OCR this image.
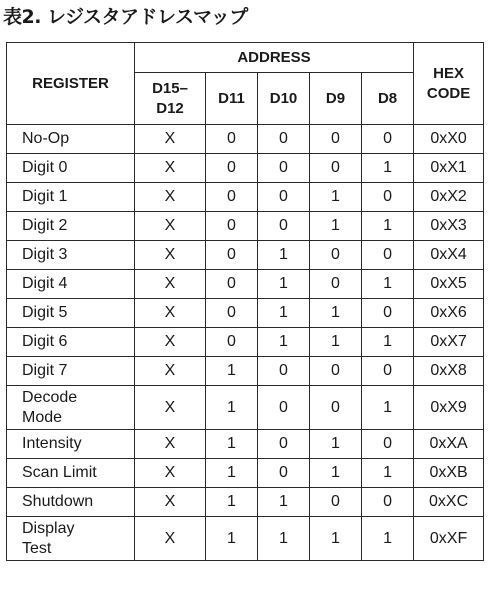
表2. レジスタアドレスマップ
REGISTER	ADDRESS					HEX
CODE
	D15–
D12	D11	D10	D9	D8	
No-Op	X	0	0	0	0	0xX0
Digit 0	X	0	0	0	1	0xX1
Digit 1	X	0	0	1	0	0xX2
Digit 2	X	0	0	1	1	0xX3
Digit 3	X	0	1	0	0	0xX4
Digit 4	X	0	1	0	1	0xX5
Digit 5	X	0	1	1	0	0xX6
Digit 6	X	0	1	1	1	0xX7
Digit 7	X	1	0	0	0	0xX8
Decode
Mode	X	1	0	0	1	0xX9
Intensity	X	1	0	1	0	0xXA
Scan Limit	X	1	0	1	1	0xXB
Shutdown	X	1	1	0	0	0xXC
Display
Test	X	1	1	1	1	0xXF
